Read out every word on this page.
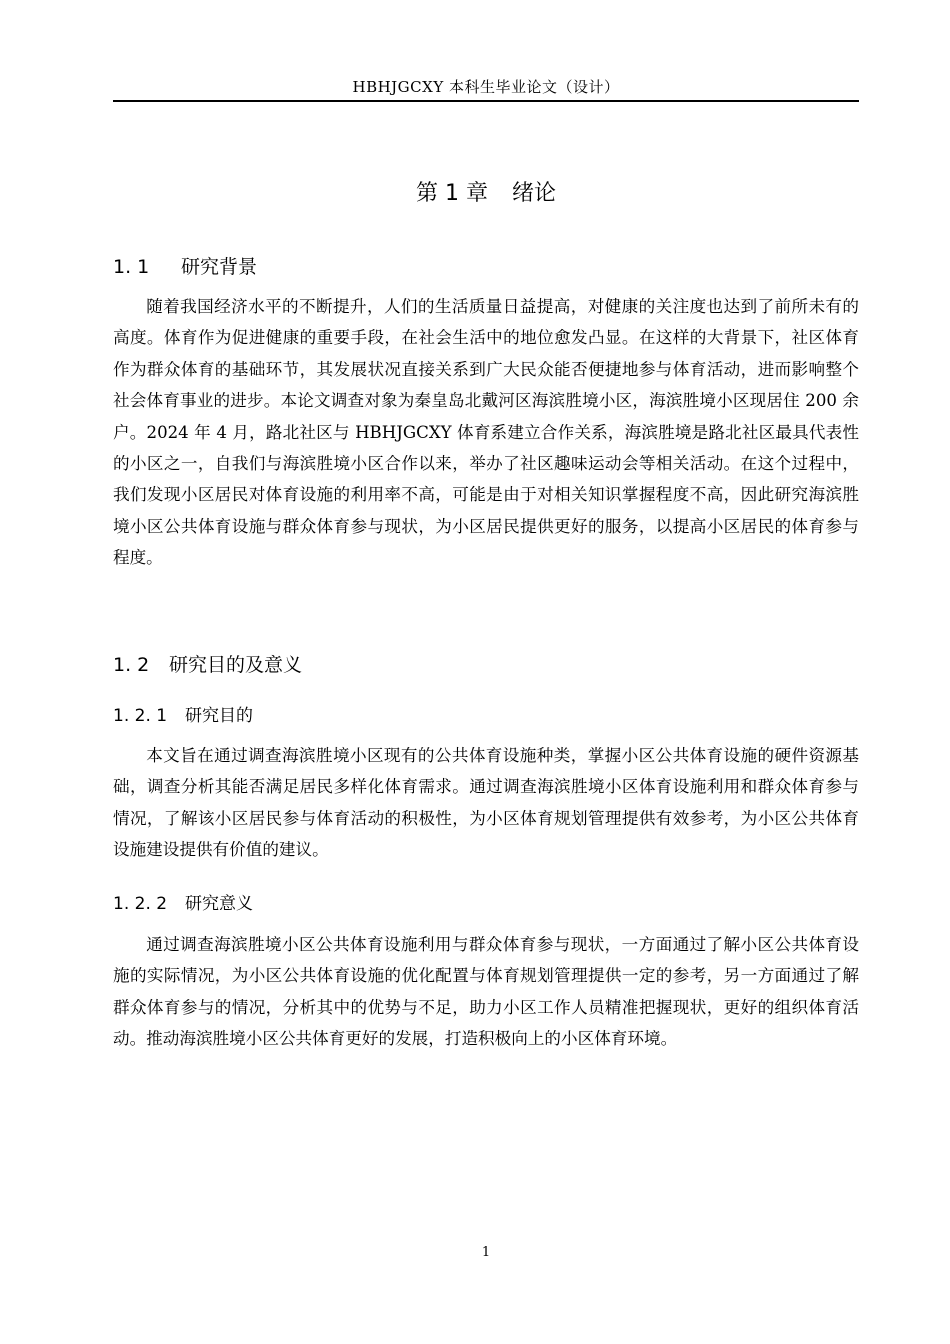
HBHJGCXY 本科生毕业论文（设计）
第 1 章 绪论
1. 1 研究背景

随着我国经济水平的不断提升，人们的生活质量日益提高，对健康的关注度也达到了前所未有的高度。体育作为促进健康的重要手段，在社会生活中的地位愈发凸显。在这样的大背景下，社区体育作为群众体育的基础环节，其发展状况直接关系到广大民众能否便捷地参与体育活动，进而影响整个社会体育事业的进步。本论文调查对象为秦皇岛北戴河区海滨胜境小区，海滨胜境小区现居住 200 余户。2024 年 4 月，路北社区与 HBHJGCXY 体育系建立合作关系，海滨胜境是路北社区最具代表性的小区之一，自我们与海滨胜境小区合作以来，举办了社区趣味运动会等相关活动。在这个过程中，我们发现小区居民对体育设施的利用率不高，可能是由于对相关知识掌握程度不高，因此研究海滨胜境小区公共体育设施与群众体育参与现状，为小区居民提供更好的服务，以提高小区居民的体育参与程度。

1. 2 研究目的及意义
1. 2. 1 研究目的

本文旨在通过调查海滨胜境小区现有的公共体育设施种类，掌握小区公共体育设施的硬件资源基础，调查分析其能否满足居民多样化体育需求。通过调查海滨胜境小区体育设施利用和群众体育参与情况，了解该小区居民参与体育活动的积极性，为小区体育规划管理提供有效参考，为小区公共体育设施建设提供有价值的建议。

1. 2. 2 研究意义

通过调查海滨胜境小区公共体育设施利用与群众体育参与现状，一方面通过了解小区公共体育设施的实际情况，为小区公共体育设施的优化配置与体育规划管理提供一定的参考，另一方面通过了解群众体育参与的情况，分析其中的优势与不足，助力小区工作人员精准把握现状，更好的组织体育活动。推动海滨胜境小区公共体育更好的发展，打造积极向上的小区体育环境。

1
